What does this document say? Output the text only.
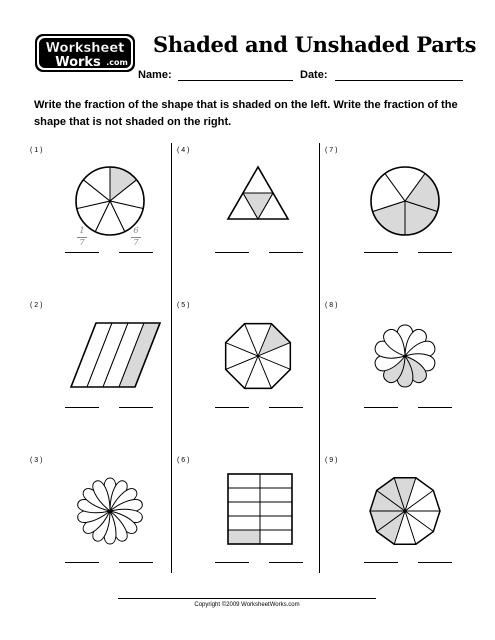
Worksheet
Works .com
Shaded and Unshaded Parts
Name:	Date:

Write the fraction of the shape that is shaded on the left. Write the fraction of the shape that is not shaded on the right.

( 1 )
1
7
6
7
( 2 )
( 3 )
( 4 )
( 5 )
( 6 )
( 7 )
( 8 )
( 9 )
Copyright ©2009 WorksheetWorks.com
